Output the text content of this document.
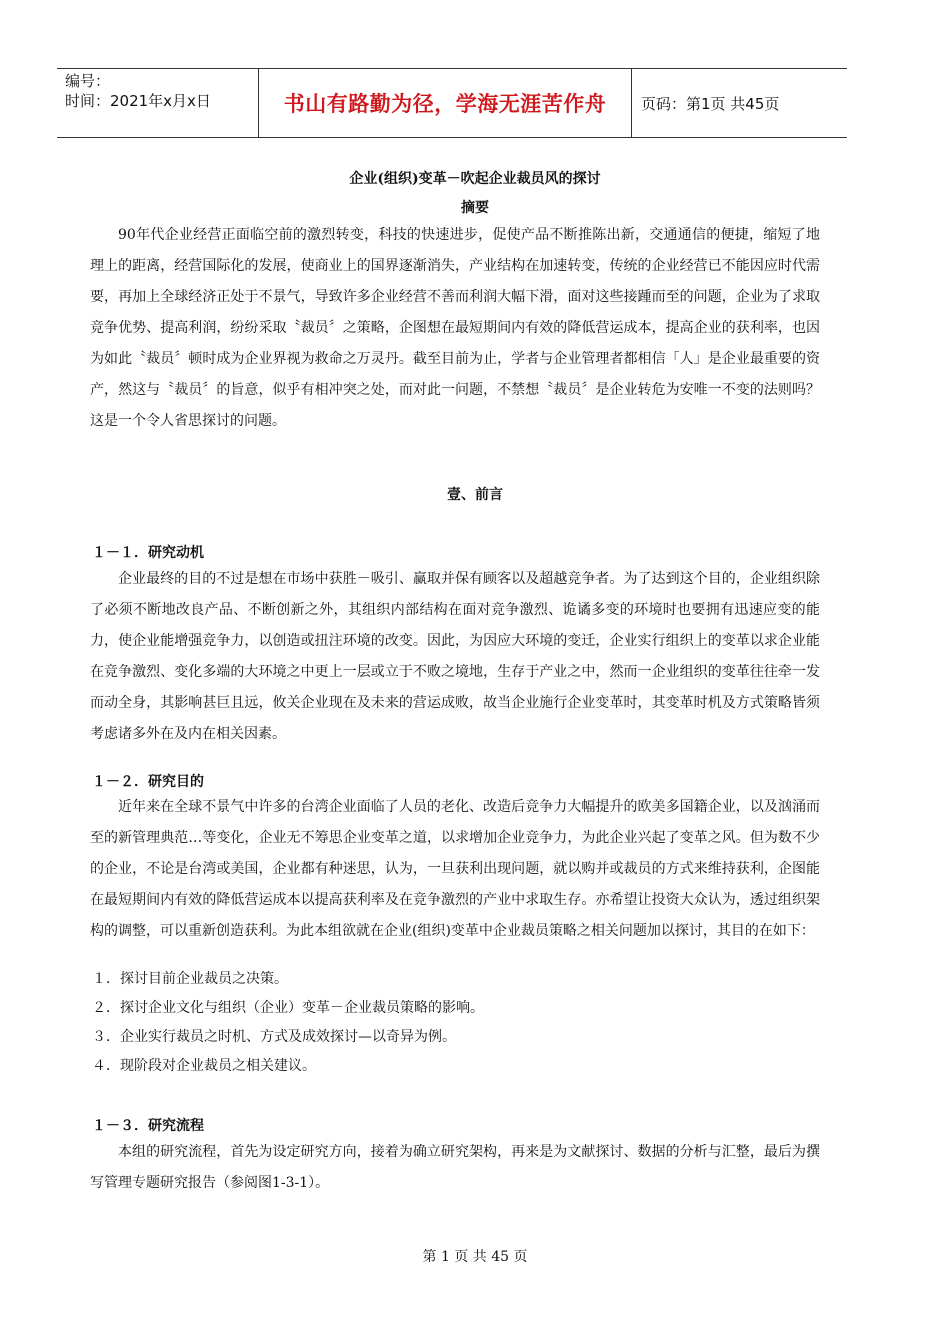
编号：
时间：2021年x月x日	书山有路勤为径，学海无涯苦作舟	页码：第1页 共45页
企业(组织)变革－吹起企业裁员风的探讨
摘要
90年代企业经营正面临空前的激烈转变，科技的快速进步，促使产品不断推陈出新，交通通信的便捷，缩短了地理上的距离，经营国际化的发展，使商业上的国界逐渐消失，产业结构在加速转变，传统的企业经营已不能因应时代需要，再加上全球经济正处于不景气，导致许多企业经营不善而利润大幅下滑，面对这些接踵而至的问题，企业为了求取竞争优势、提高利润，纷纷采取〝裁员〞之策略，企图想在最短期间内有效的降低营运成本，提高企业的获利率，也因为如此〝裁员〞顿时成为企业界视为救命之万灵丹。截至目前为止，学者与企业管理者都相信「人」是企业最重要的资产，然这与〝裁员〞的旨意，似乎有相冲突之处，而对此一问题，不禁想〝裁员〞是企业转危为安唯一不变的法则吗？这是一个令人省思探讨的问题。
壹、前言
１－１．研究动机
企业最终的目的不过是想在市场中获胜－吸引、赢取并保有顾客以及超越竞争者。为了达到这个目的，企业组织除了必须不断地改良产品、不断创新之外，其组织内部结构在面对竞争激烈、诡谲多变的环境时也要拥有迅速应变的能力，使企业能增强竞争力，以创造或扭注环境的改变。因此，为因应大环境的变迁，企业实行组织上的变革以求企业能在竞争激烈、变化多端的大环境之中更上一层或立于不败之境地，生存于产业之中，然而一企业组织的变革往往牵一发而动全身，其影响甚巨且远，攸关企业现在及未来的营运成败，故当企业施行企业变革时，其变革时机及方式策略皆须考虑诸多外在及内在相关因素。
１－２．研究目的
近年来在全球不景气中许多的台湾企业面临了人员的老化、改造后竞争力大幅提升的欧美多国籍企业，以及汹涌而至的新管理典范…等变化，企业无不筹思企业变革之道，以求增加企业竞争力，为此企业兴起了变革之风。但为数不少的企业，不论是台湾或美国，企业都有种迷思，认为，一旦获利出现问题，就以购并或裁员的方式来维持获利，企图能在最短期间内有效的降低营运成本以提高获利率及在竞争激烈的产业中求取生存。亦希望让投资大众认为，透过组织架构的调整，可以重新创造获利。为此本组欲就在企业(组织)变革中企业裁员策略之相关问题加以探讨，其目的在如下：
１．探讨目前企业裁员之决策。
２．探讨企业文化与组织（企业）变革－企业裁员策略的影响。
３．企业实行裁员之时机、方式及成效探讨—以奇异为例。
４．现阶段对企业裁员之相关建议。
１－３．研究流程
本组的研究流程，首先为设定研究方向，接着为确立研究架构，再来是为文献探讨、数据的分析与汇整，最后为撰写管理专题研究报告（参阅图1-3-1）。
第 1 页 共 45 页
